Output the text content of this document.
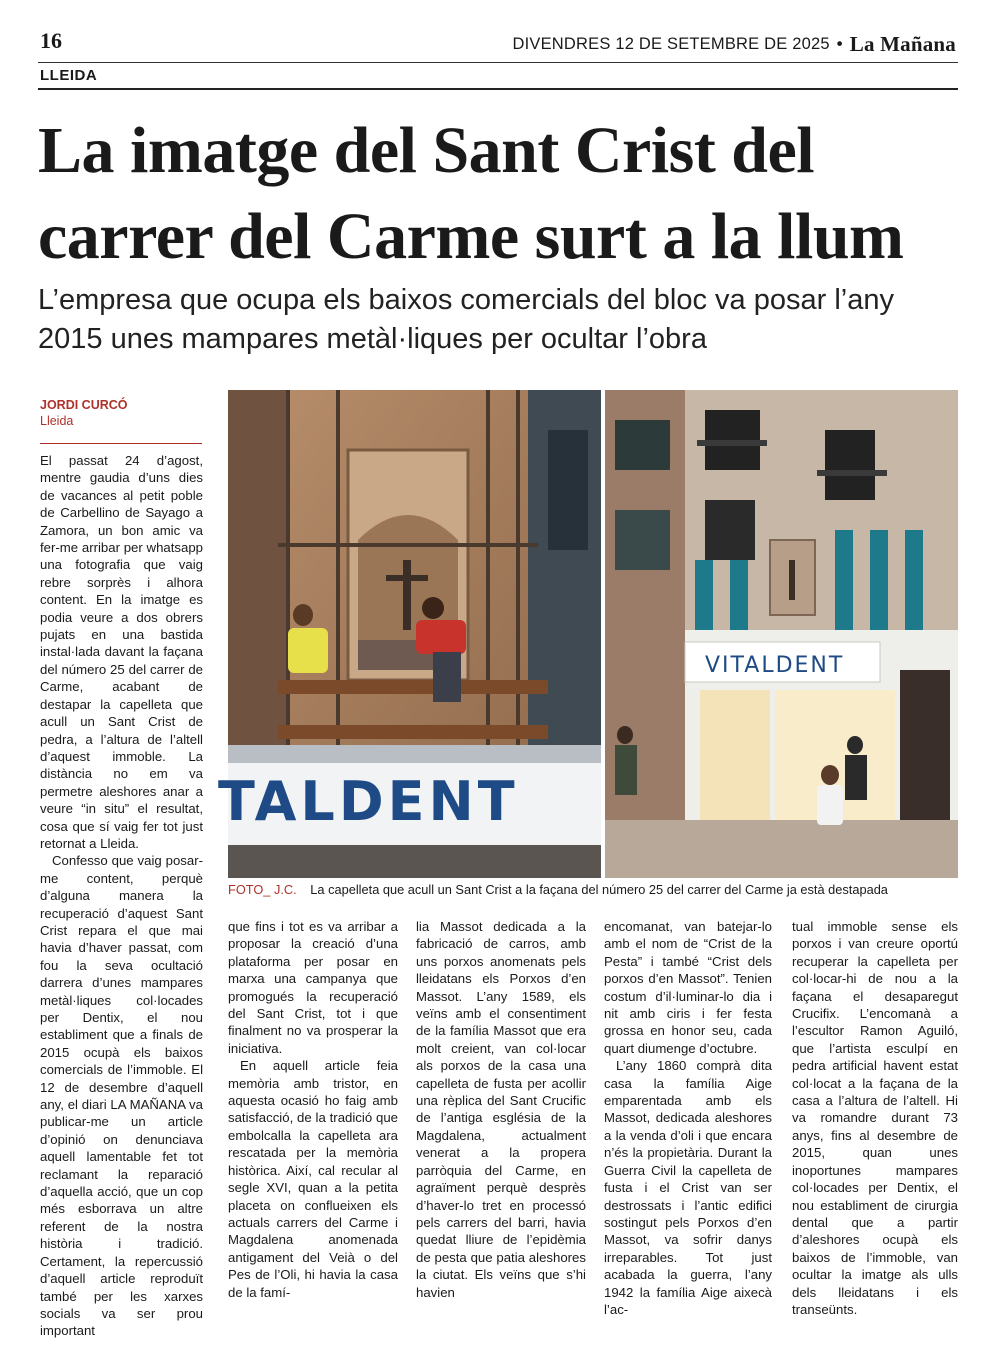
16	DIVENDRES 12 DE SETEMBRE DE 2025 • La Mañana
LLEIDA
La imatge del Sant Crist del carrer del Carme surt a la llum
L’empresa que ocupa els baixos comercials del bloc va posar l’any 2015 unes mampares metàl·liques per ocultar l’obra
JORDI CURCÓ
Lleida

El passat 24 d’agost, mentre gaudia d’uns dies de vacances al petit poble de Carbellino de Sayago a Zamora, un bon amic va fer-me arribar per whatsapp una fotografia que vaig rebre sorprès i alhora content. En la imatge es podia veure a dos obrers pujats en una bastida instal·lada davant la façana del número 25 del carrer de Carme, acabant de destapar la capelleta que acull un Sant Crist de pedra, a l’altura de l’altell d’aquest immoble. La distància no em va permetre aleshores anar a veure “in situ” el resultat, cosa que sí vaig fer tot just retornat a Lleida.

Confesso que vaig posar-me content, perquè d’alguna manera la recuperació d’aquest Sant Crist repara el que mai havia d’haver passat, com fou la seva ocultació darrera d’unes mampares metàl·liques col·locades per Dentix, el nou establiment que a finals de 2015 ocupà els baixos comercials de l’immoble. El 12 de desembre d’aquell any, el diari LA MAÑANA va publicar-me un article d’opinió on denunciava aquell lamentable fet tot reclamant la reparació d’aquella acció, que un cop més esborrava un altre referent de la nostra història i tradició. Certament, la repercussió d’aquell article reproduït també per les xarxes socials va ser prou important

TALDENT
VITALDENT
FOTO_ J.C. La capelleta que acull un Sant Crist a la façana del número 25 del carrer del Carme ja està destapada

que fins i tot es va arribar a proposar la creació d’una plataforma per posar en marxa una campanya que promogués la recuperació del Sant Crist, tot i que finalment no va prosperar la iniciativa.

En aquell article feia memòria amb tristor, en aquesta ocasió ho faig amb satisfacció, de la tradició que embolcalla la capelleta ara rescatada per la memòria històrica. Així, cal recular al segle XVI, quan a la petita placeta on conflueixen els actuals carrers del Carme i Magdalena anomenada antigament del Veià o del Pes de l’Oli, hi havia la casa de la famí-

lia Massot dedicada a la fabricació de carros, amb uns porxos anomenats pels lleidatans els Porxos d’en Massot. L’any 1589, els veïns amb el consentiment de la família Massot que era molt creient, van col·locar als porxos de la casa una capelleta de fusta per acollir una rèplica del Sant Crucific de l’antiga església de la Magdalena, actualment venerat a la propera parròquia del Carme, en agraïment perquè desprès d’haver-lo tret en processó pels carrers del barri, havia quedat lliure de l’epidèmia de pesta que patia aleshores la ciutat. Els veïns que s’hi havien

encomanat, van batejar-lo amb el nom de “Crist de la Pesta” i també “Crist dels porxos d’en Massot”. Tenien costum d’il·luminar-lo dia i nit amb ciris i fer festa grossa en honor seu, cada quart diumenge d’octubre.

L’any 1860 comprà dita casa la família Aige emparentada amb els Massot, dedicada aleshores a la venda d’oli i que encara n’és la propietària. Durant la Guerra Civil la capelleta de fusta i el Crist van ser destrossats i l’antic edifici sostingut pels Porxos d’en Massot, va sofrir danys irreparables. Tot just acabada la guerra, l’any 1942 la família Aige aixecà l’ac-

tual immoble sense els porxos i van creure oportú recuperar la capelleta per col·locar-hi de nou a la façana el desaparegut Crucifix. L’encomanà a l’escultor Ramon Aguiló, que l’artista esculpí en pedra artificial havent estat col·locat a la façana de la casa a l’altura de l’altell. Hi va romandre durant 73 anys, fins al desembre de 2015, quan unes inoportunes mampares col·locades per Dentix, el nou establiment de cirurgia dental que a partir d’aleshores ocupà els baixos de l’immoble, van ocultar la imatge als ulls dels lleidatans i els transeünts.
